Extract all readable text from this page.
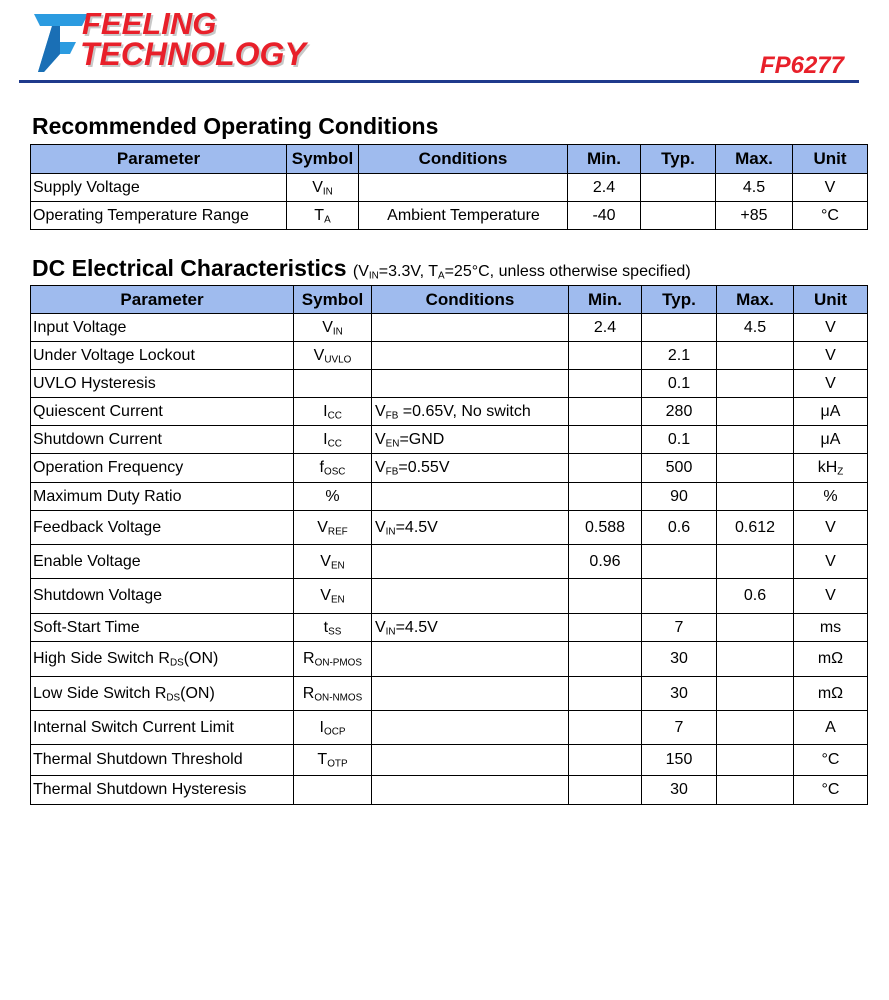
FEELING
TECHNOLOGY	FP6277
Recommended Operating Conditions
Parameter	Symbol	Conditions	Min.	Typ.	Max.	Unit
Supply Voltage	$V_{IN}$		2.4		4.5	V
Operating Temperature Range	$T_A$	Ambient Temperature	-40		+85	°C
DC Electrical Characteristics ($V_{IN}=3.3V$, $T_A=25^\circ C$, unless otherwise specified)
Parameter	Symbol	Conditions	Min.	Typ.	Max.	Unit
Input Voltage	$V_{IN}$		2.4		4.5	V
Under Voltage Lockout	$V_{UVLO}$			2.1		V
UVLO Hysteresis				0.1		V
Quiescent Current	$I_{CC}$	$V_{FB} =0.65V$, No switch		280		μA
Shutdown Current	$I_{CC}$	$V_{EN}=GND$		0.1		μA
Operation Frequency	$f_{OSC}$	$V_{FB}=0.55V$		500		$kH_Z$
Maximum Duty Ratio	%			90		%
Feedback Voltage	$V_{REF}$	$V_{IN}=4.5V$	0.588	0.6	0.612	V
Enable Voltage	$V_{EN}$		0.96			V
Shutdown Voltage	$V_{EN}$				0.6	V
Soft-Start Time	$t_{SS}$	$V_{IN}=4.5V$		7		ms
High Side Switch $R_{DS}(ON)$	$R_{ON-PMOS}$			30		mΩ
Low Side Switch $R_{DS}(ON)$	$R_{ON-NMOS}$			30		mΩ
Internal Switch Current Limit	$I_{OCP}$			7		A
Thermal Shutdown Threshold	$T_{OTP}$			150		°C
Thermal Shutdown Hysteresis				30		°C
